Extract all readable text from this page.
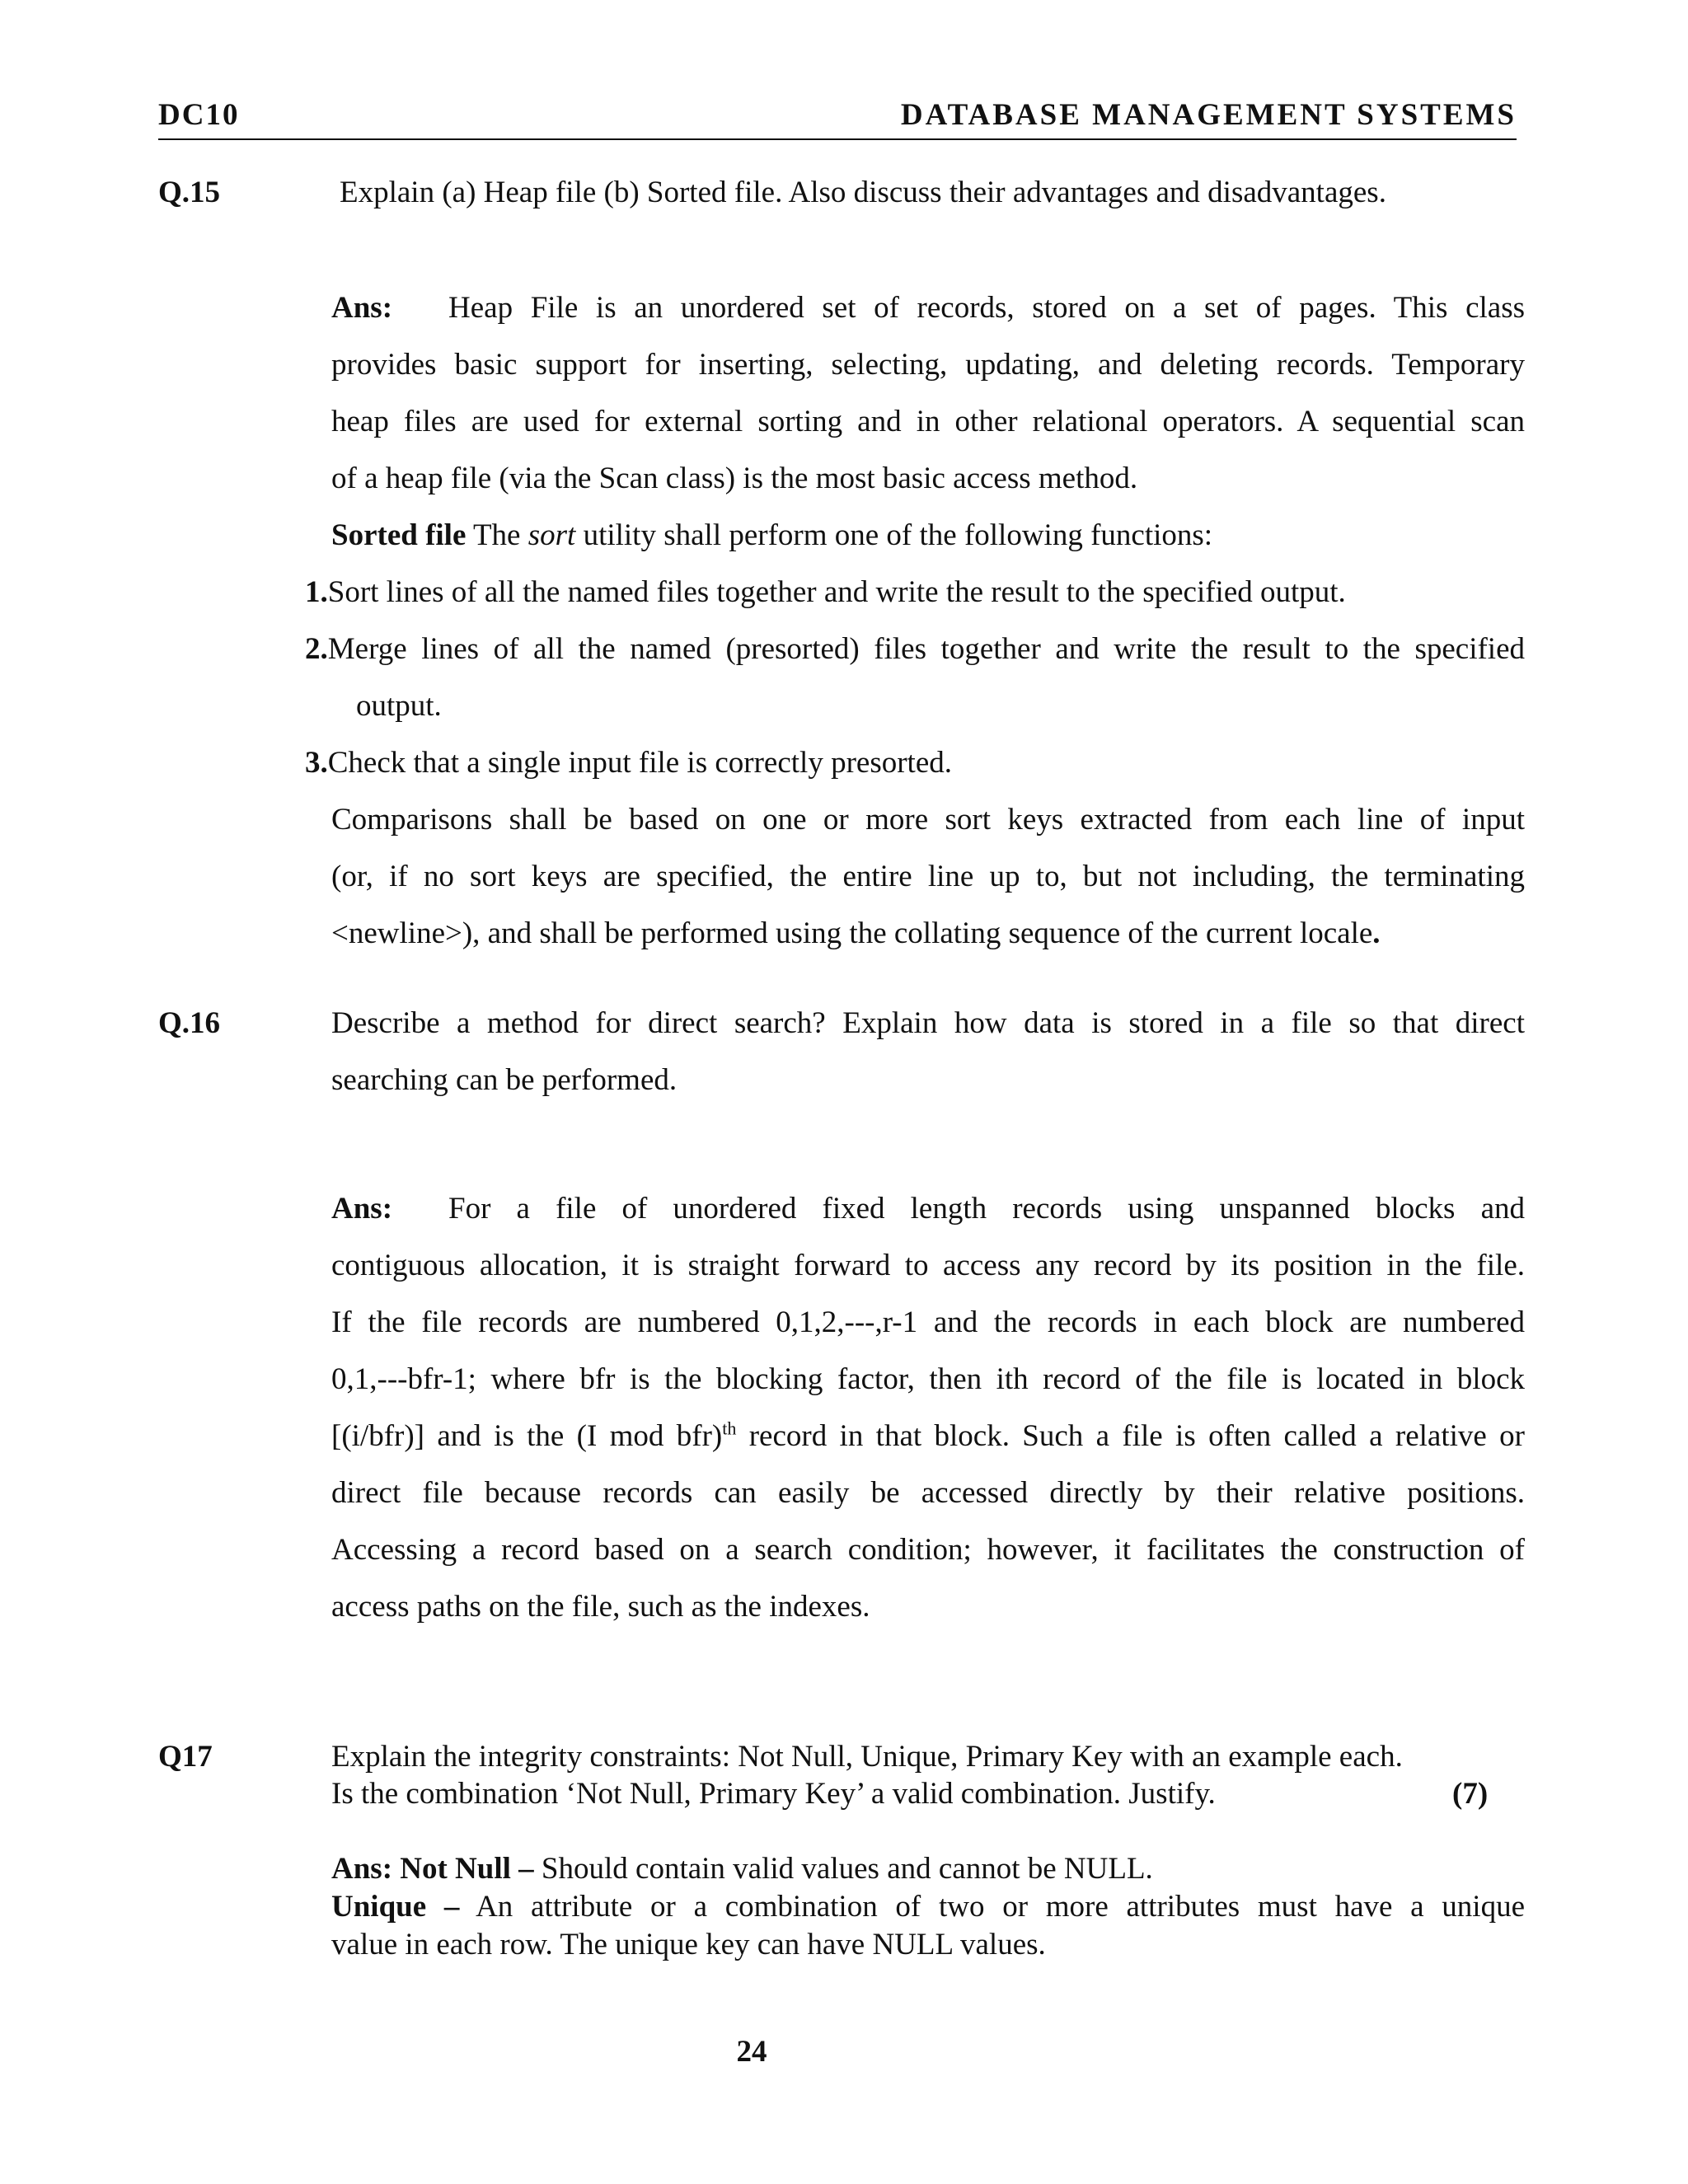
DC10	DATABASE MANAGEMENT SYSTEMS
Q.15	Explain (a) Heap file (b) Sorted file. Also discuss their advantages and disadvantages.
Ans: Heap File is an unordered set of records, stored on a set of pages. This class
provides basic support for inserting, selecting, updating, and deleting records. Temporary
heap files are used for external sorting and in other relational operators. A sequential scan
of a heap file (via the Scan class) is the most basic access method.
Sorted file The sort utility shall perform one of the following functions:
1.Sort lines of all the named files together and write the result to the specified output.
2.Merge lines of all the named (presorted) files together and write the result to the specified
output.
3.Check that a single input file is correctly presorted.
Comparisons shall be based on one or more sort keys extracted from each line of input
(or, if no sort keys are specified, the entire line up to, but not including, the terminating
<newline>), and shall be performed using the collating sequence of the current locale.
Q.16	Describe a method for direct search? Explain how data is stored in a file so that direct
searching can be performed.
Ans: For a file of unordered fixed length records using unspanned blocks and
contiguous allocation, it is straight forward to access any record by its position in the file.
If the file records are numbered 0,1,2,---,r-1 and the records in each block are numbered
0,1,---bfr-1; where bfr is the blocking factor, then ith record of the file is located in block
[(i/bfr)] and is the (I mod bfr)$^{th}$ record in that block. Such a file is often called a relative or
direct file because records can easily be accessed directly by their relative positions.
Accessing a record based on a search condition; however, it facilitates the construction of
access paths on the file, such as the indexes.
Q17	Explain the integrity constraints: Not Null, Unique, Primary Key with an example each.
Is the combination ‘Not Null, Primary Key’ a valid combination. Justify.	(7)
Ans: Not Null – Should contain valid values and cannot be NULL.
Unique – An attribute or a combination of two or more attributes must have a unique
value in each row. The unique key can have NULL values.
24
